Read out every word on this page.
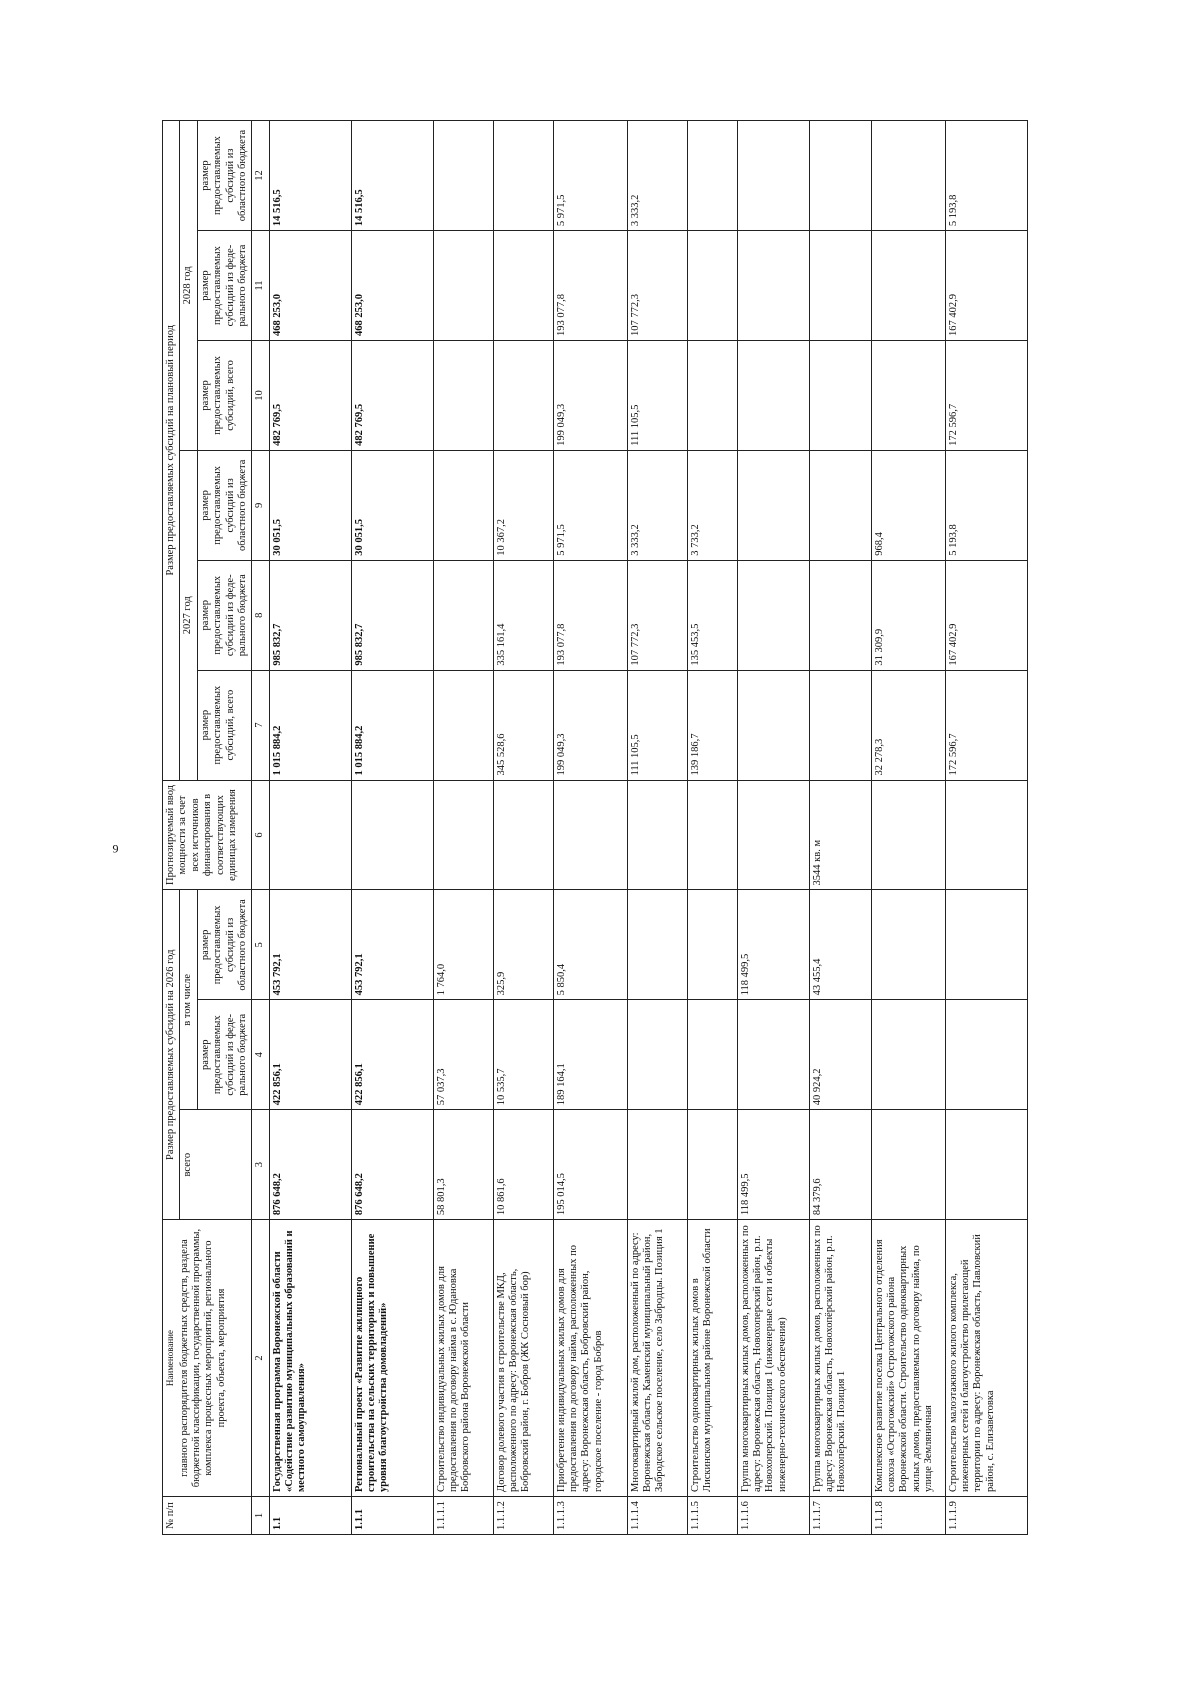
9
№ п/п	Наименование главного распорядителя бюджетных средств, раздела бюджетной классификации, государственной программы, комплекса процессных мероприятий, регионального проекта, объекта, мероприятия	Размер предоставляемых субсидий на 2026 год			Прогнозируемый ввод мощности за счет всех источников финансирования в соответствующих единицах измерения	Размер предоставляемых субсидий на плановый период					
		всего	в том числе			2027 год			2028 год		
			размер предоставляемых субсидий из феде-рального бюджета	размер предоставляемых субсидий из областного бюджета		размер предоставляемых субсидий, всего	размер предоставляемых субсидий из феде-рального бюджета	размер предоставляемых субсидий из областного бюджета	размер предоставляемых субсидий, всего	размер предоставляемых субсидий из феде-рального бюджета	размер предоставляемых субсидий из областного бюджета

1	2	3	4	5	6	7	8	9	10	11	12
1.1	Государственная программа Воронежской области «Содействие развитию муниципальных образований и местного самоуправления»	876 648,2	422 856,1	453 792,1		1 015 884,2	985 832,7	30 051,5	482 769,5	468 253,0	14 516,5
1.1.1	Региональный проект «Развитие жилищного строительства на сельских территориях и повышение уровня благоустройства домовладений»	876 648,2	422 856,1	453 792,1		1 015 884,2	985 832,7	30 051,5	482 769,5	468 253,0	14 516,5
1.1.1.1	Строительство индивидуальных жилых домов для предоставления по договору найма в с. Юдановка Бобровского района Воронежской области	58 801,3	57 037,3	1 764,0							
1.1.1.2	Договор долевого участия в строительстве МКД, расположенного по адресу: Воронежская область, Бобровский район, г. Бобров (ЖК Сосновый бор)	10 861,6	10 535,7	325,9		345 528,6	335 161,4	10 367,2			
1.1.1.3	Приобретение индивидуальных жилых домов для предоставления по договору найма, расположенных по адресу: Воронежская область, Бобровский район, городское поселение - город Бобров	195 014,5	189 164,1	5 850,4		199 049,3	193 077,8	5 971,5	199 049,3	193 077,8	5 971,5
1.1.1.4	Многоквартирный жилой дом, расположенный по адресу: Воронежская область, Каменский муниципальный район, Забродское сельское поселение, село Забродцы. Позиция 1					111 105,5	107 772,3	3 333,2	111 105,5	107 772,3	3 333,2
1.1.1.5	Строительство одноквартирных жилых домов в Лискинском муниципальном районе Воронежской области					139 186,7	135 453,5	3 733,2			
1.1.1.6	Группа многоквартирных жилых домов, расположенных по адресу: Воронежская область, Новохоперский район, р.п. Новохоперский. Позиция 1 (инженерные сети и объекты инженерно-технического обеспечения)	118 499,5		118 499,5							
1.1.1.7	Группа многоквартирных жилых домов, расположенных по адресу: Воронежская область, Новохопёрский район, р.п. Новохопёрский. Позиция 1	84 379,6	40 924,2	43 455,4	3544 кв. м						
1.1.1.8	Комплексное развитие поселка Центрального отделения совхоза «Острогожский» Острогожского района Воронежской области. Строительство одноквартирных жилых домов, предоставляемых по договору найма, по улице Земляничная					32 278,3	31 309,9	968,4			
1.1.1.9	Строительство малоэтажного жилого комплекса, инженерных сетей и благоустройство прилегающей территории по адресу: Воронежская область, Павловский район, с. Елизаветовка					172 596,7	167 402,9	5 193,8	172 596,7	167 402,9	5 193,8
